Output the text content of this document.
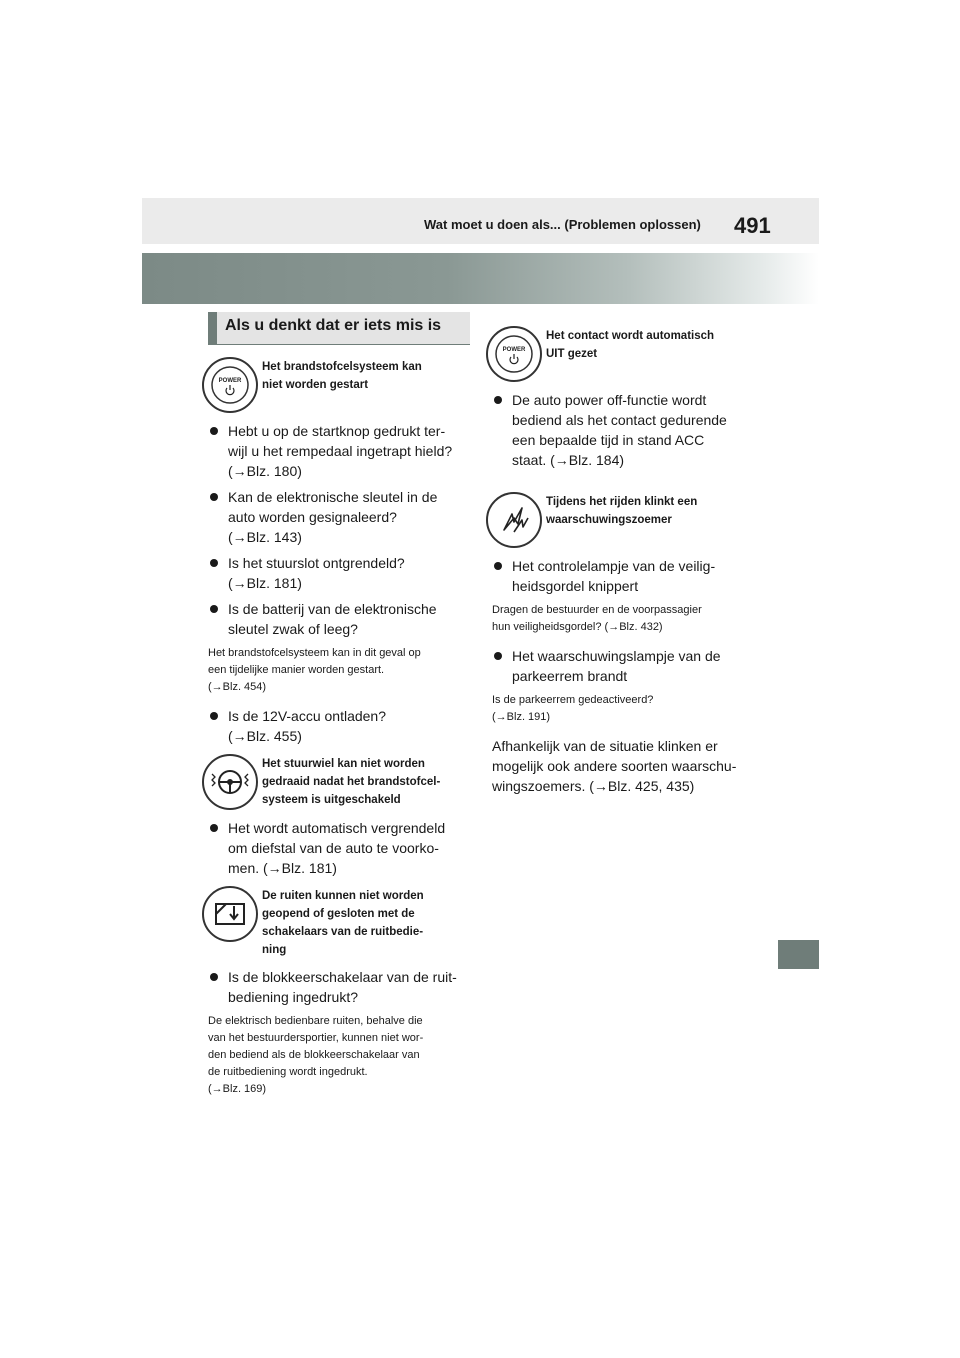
Wat moet u doen als... (Problemen oplossen) 491
Als u denkt dat er iets mis is
POWER
Het brandstofcelsysteem kan
niet worden gestart
Hebt u op de startknop gedrukt ter-
wijl u het rempedaal ingetrapt hield?
(→Blz. 180)
Kan de elektronische sleutel in de
auto worden gesignaleerd?
(→Blz. 143)
Is het stuurslot ontgrendeld?
(→Blz. 181)
Is de batterij van de elektronische
sleutel zwak of leeg?
Het brandstofcelsysteem kan in dit geval op
een tijdelijke manier worden gestart.
(→Blz. 454)
Is de 12V-accu ontladen?
(→Blz. 455)
Het stuurwiel kan niet worden
gedraaid nadat het brandstofcel-
systeem is uitgeschakeld
Het wordt automatisch vergrendeld
om diefstal van de auto te voorko-
men. (→Blz. 181)
De ruiten kunnen niet worden
geopend of gesloten met de
schakelaars van de ruitbedie-
ning
Is de blokkeerschakelaar van de ruit-
bediening ingedrukt?
De elektrisch bedienbare ruiten, behalve die
van het bestuurdersportier, kunnen niet wor-
den bediend als de blokkeerschakelaar van
de ruitbediening wordt ingedrukt.
(→Blz. 169)
POWER
Het contact wordt automatisch
UIT gezet
De auto power off-functie wordt
bediend als het contact gedurende
een bepaalde tijd in stand ACC
staat. (→Blz. 184)
Tijdens het rijden klinkt een
waarschuwingszoemer
Het controlelampje van de veilig-
heidsgordel knippert
Dragen de bestuurder en de voorpassagier
hun veiligheidsgordel? (→Blz. 432)
Het waarschuwingslampje van de
parkeerrem brandt
Is de parkeerrem gedeactiveerd?
(→Blz. 191)
Afhankelijk van de situatie klinken er
mogelijk ook andere soorten waarschu-
wingszoemers. (→Blz. 425, 435)
